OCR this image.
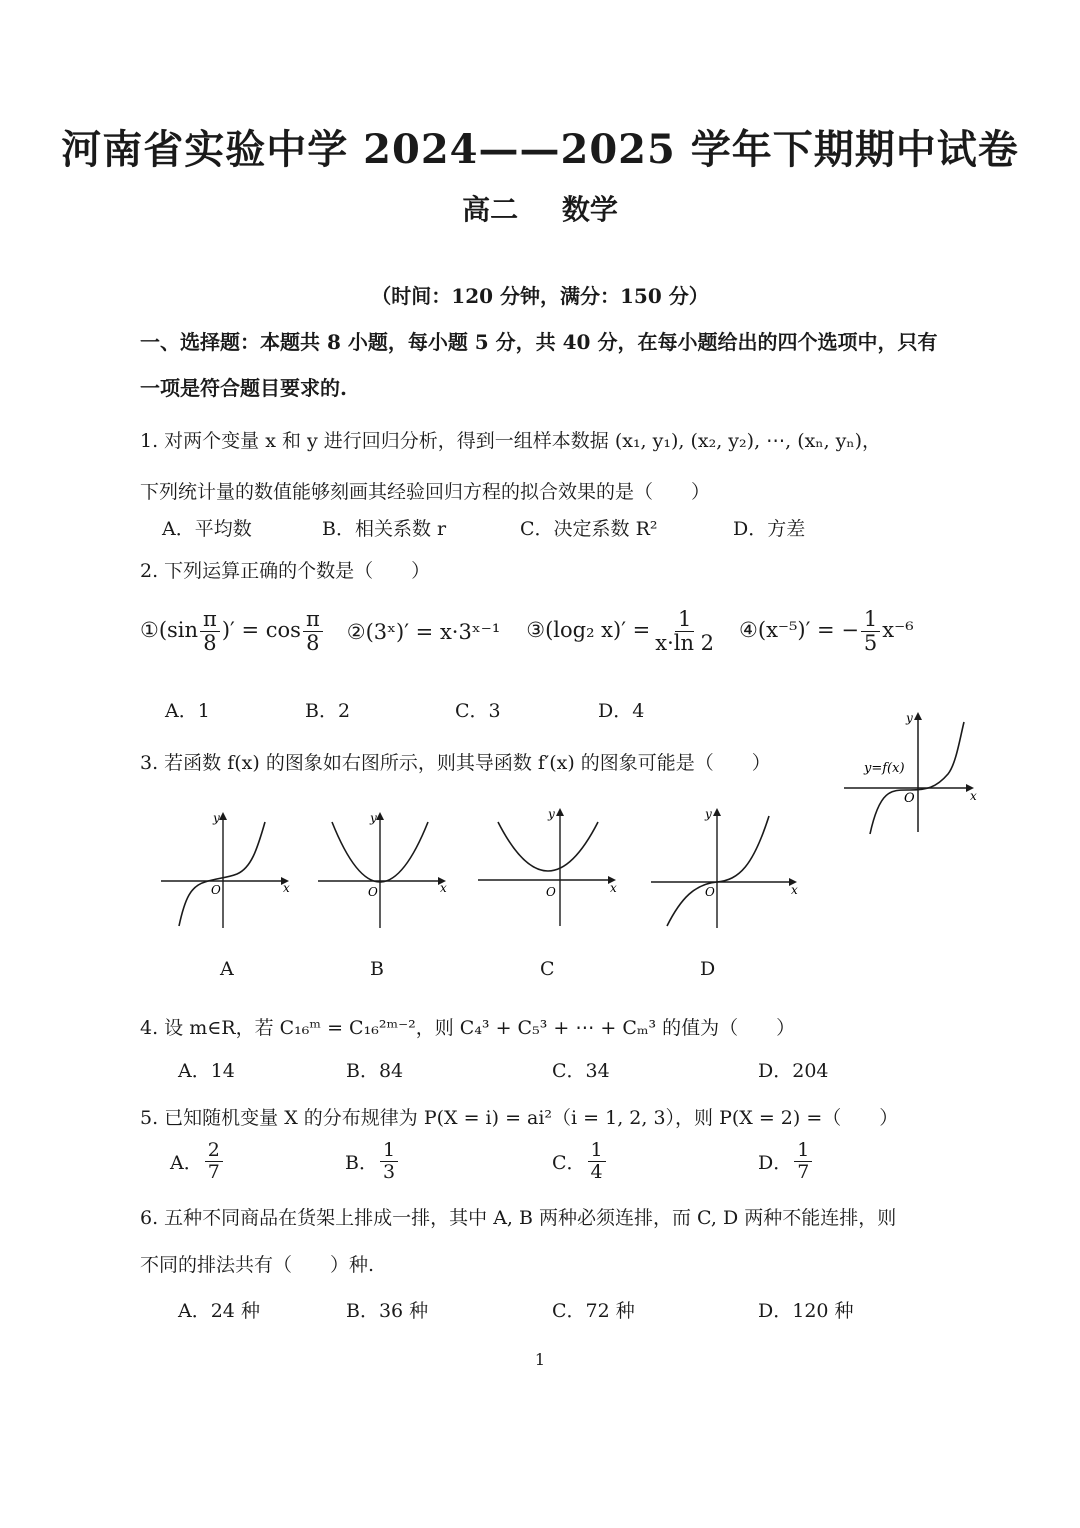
河南省实验中学 2024——2025 学年下期期中试卷
高二 数学
（时间：120 分钟，满分：150 分）
一、选择题：本题共 8 小题，每小题 5 分，共 40 分，在每小题给出的四个选项中，只有
一项是符合题目要求的.
1. 对两个变量 x 和 y 进行回归分析，得到一组样本数据 (x₁, y₁), (x₂, y₂), ⋯, (xₙ, yₙ)，
下列统计量的数值能够刻画其经验回归方程的拟合效果的是（　　）
A．平均数	B．相关系数 r	C．决定系数 R²	D．方差
2. 下列运算正确的个数是（　　）
①(sin $\frac{\pi}{8}$ )′ = $\cos \frac{\pi}{8}$ ②(3ˣ)′ = x·3ˣ⁻¹ ③(log₂ $x)' = \frac{1}{x\cdot\ln 2}$ ④(x⁻⁵)′ = − $\frac{1}{5} x^{-6}$
A．1	B．2	C．3	D．4
3. 若函数 f(x) 的图象如右图所示，则其导函数 f′(x) 的图象可能是（　　）	y=f(x)
O	x
y
O	x
y
O	x
y
O	x
y
O	x
y
A	B	C	D
4. 设 m∈R，若 C₁₆ᵐ = C₁₆²ᵐ⁻²，则 C₄³ + C₅³ + ⋯ + Cₘ³ 的值为（　　）
A．14	B．84	C．34	D．204
5. 已知随机变量 X 的分布规律为 P(X = i) = ai²（i = 1, 2, 3），则 P(X = 2) =（　　）
A． $\frac{2}{7}$	B． $\frac{1}{3}$	C． $\frac{1}{4}$	D． $\frac{1}{7}$
6. 五种不同商品在货架上排成一排，其中 A, B 两种必须连排，而 C, D 两种不能连排，则
不同的排法共有（　　）种.
A．24 种	B．36 种	C．72 种	D．120 种
1
